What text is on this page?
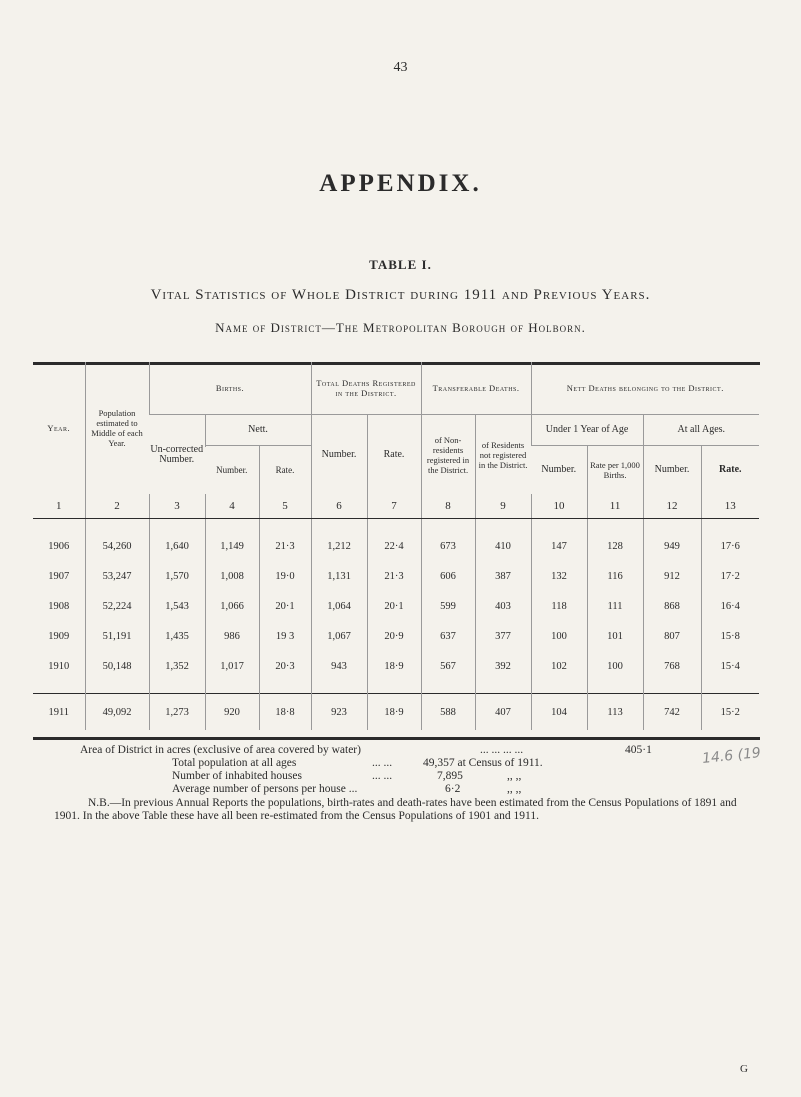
43
APPENDIX.
TABLE I.
Vital Statistics of Whole District during 1911 and Previous Years.
Name of District—The Metropolitan Borough of Holborn.
Year.	Population estimated to Middle of each Year.	Births.			Total Deaths Registered in the District.		Transferable Deaths.		Nett Deaths belonging to the District.			
		Un-corrected Number.	Nett.		Number.	Rate.	of Non-residents registered in the District.	of Residents not registered in the District.	Under 1 Year of Age		At all Ages.	
									Number.	Rate per 1,000 Births.	Number.	Rate.
			Number.	Rate.								
1	2	3	4	5	6	7	8	9	10	11	12	13

1906	54,260	1,640	1,149	21·3	1,212	22·4	673	410	147	128	949	17·6
1907	53,247	1,570	1,008	19·0	1,131	21·3	606	387	132	116	912	17·2
1908	52,224	1,543	1,066	20·1	1,064	20·1	599	403	118	111	868	16·4
1909	51,191	1,435	986	19 3	1,067	20·9	637	377	100	101	807	15·8
1910	50,148	1,352	1,017	20·3	943	18·9	567	392	102	100	768	15·4

1911	49,092	1,273	920	18·8	923	18·9	588	407	104	113	742	15·2
Area of District in acres (exclusive of area covered by water)	... ... ... ...	405·1
Total population at all ages	... ...	49,357 at Census of 1911.
Number of inhabited houses	... ...	7,895	,, ,,
Average number of persons per house ...	6·2	,, ,,
14.6 (19
N.B.—In previous Annual Reports the populations, birth-rates and death-rates have been estimated from the Census Populations of 1891 and 1901. In the above Table these have all been re-estimated from the Census Populations of 1901 and 1911.
G
